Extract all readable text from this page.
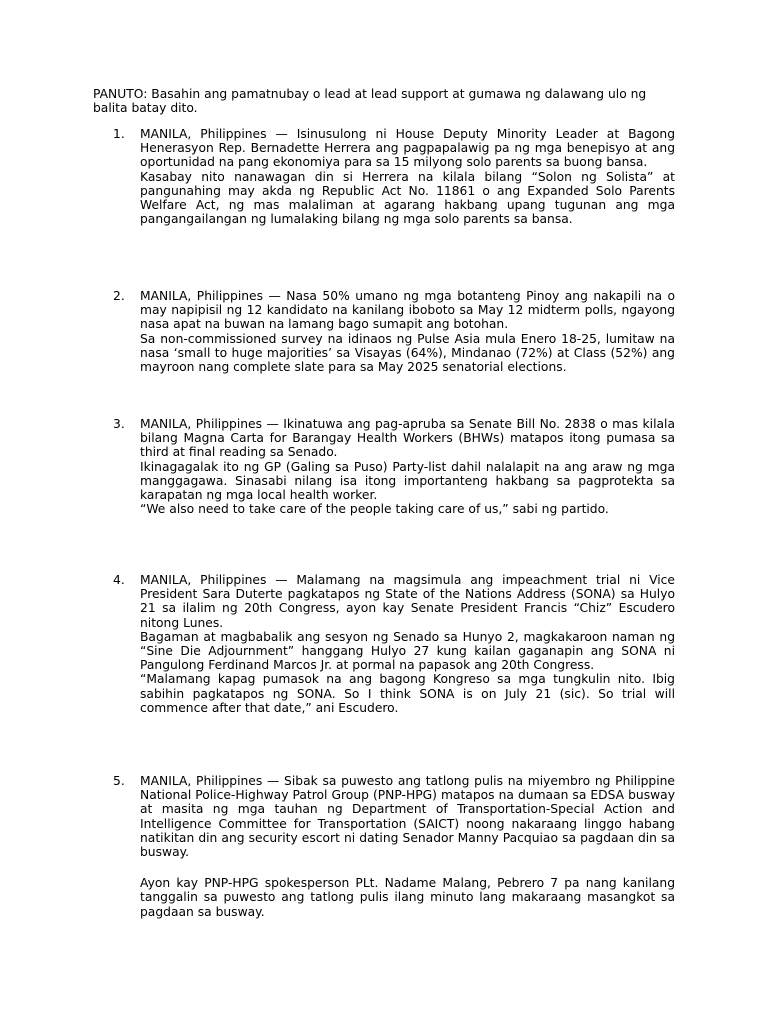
PANUTO: Basahin ang pamatnubay o lead at lead support at gumawa ng dalawang ulo ng balita batay dito.

1.	MANILA, Philippines — Isinusulong ni House Deputy Minority Leader at Bagong Henerasyon Rep. Bernadette Herrera ang pagpapalawig pa ng mga benepisyo at ang oportunidad na pang ekonomiya para sa 15 milyong solo parents sa buong bansa.

Kasabay nito nanawagan din si Herrera na kilala bilang “Solon ng Solista” at pangunahing may akda ng Republic Act No. 11861 o ang Expanded Solo Parents Welfare Act, ng mas malaliman at agarang hakbang upang tugunan ang mga pangangailangan ng lumalaking bilang ng mga solo parents sa bansa.

2.	MANILA, Philippines — Nasa 50% umano ng mga botanteng Pinoy ang nakapili na o may napipisil ng 12 kandidato na kanilang iboboto sa May 12 midterm polls, ngayong nasa apat na buwan na lamang bago sumapit ang botohan.

Sa non-commissioned survey na idinaos ng Pulse Asia mula Enero 18-25, lumitaw na nasa ‘small to huge majorities’ sa Visayas (64%), Mindanao (72%) at Class (52%) ang mayroon nang complete slate para sa May 2025 senatorial elections.

3.	MANILA, Philippines — Ikinatuwa ang pag-apruba sa Senate Bill No. 2838 o mas kilala bilang Magna Carta for Barangay Health Workers (BHWs) matapos itong pumasa sa third at final reading sa Senado.

Ikinagagalak ito ng GP (Galing sa Puso) Party-list dahil nalalapit na ang araw ng mga manggagawa. Sinasabi nilang isa itong importanteng hakbang sa pagprotekta sa karapatan ng mga local health worker.

“We also need to take care of the people taking care of us,” sabi ng partido.

4.	MANILA, Philippines — Malamang na magsimula ang impeachment trial ni Vice President Sara Duterte pagkatapos ng State of the Nations Address (SONA) sa Hulyo 21 sa ilalim ng 20th Congress, ayon kay Senate President Francis “Chiz” Escudero nitong Lunes.

Bagaman at magbabalik ang sesyon ng Senado sa Hunyo 2, magkakaroon naman ng “Sine Die Adjournment” hanggang Hulyo 27 kung kailan gaganapin ang SONA ni Pangulong Ferdinand Marcos Jr. at pormal na papasok ang 20th Congress.

“Malamang kapag pumasok na ang bagong Kongreso sa mga tungkulin nito. Ibig sabihin pagkatapos ng SONA. So I think SONA is on July 21 (sic). So trial will commence after that date,” ani Escudero.

5.	MANILA, Philippines — Sibak sa puwesto ang tatlong pulis na miyembro ng Philippine National Police-Highway Patrol Group (PNP-HPG) matapos na dumaan sa EDSA busway at masita ng mga tauhan ng Department of Transportation-Special Action and Intelligence Committee for Transportation (SAICT) noong nakaraang linggo habang natikitan din ang security escort ni dating Senador Manny Pacquiao sa pagdaan din sa busway.

Ayon kay PNP-HPG spokesperson PLt. Nadame Malang, Pebrero 7 pa nang kanilang tanggalin sa puwesto ang tatlong pulis ilang minuto lang makaraang masangkot sa pagdaan sa busway.
